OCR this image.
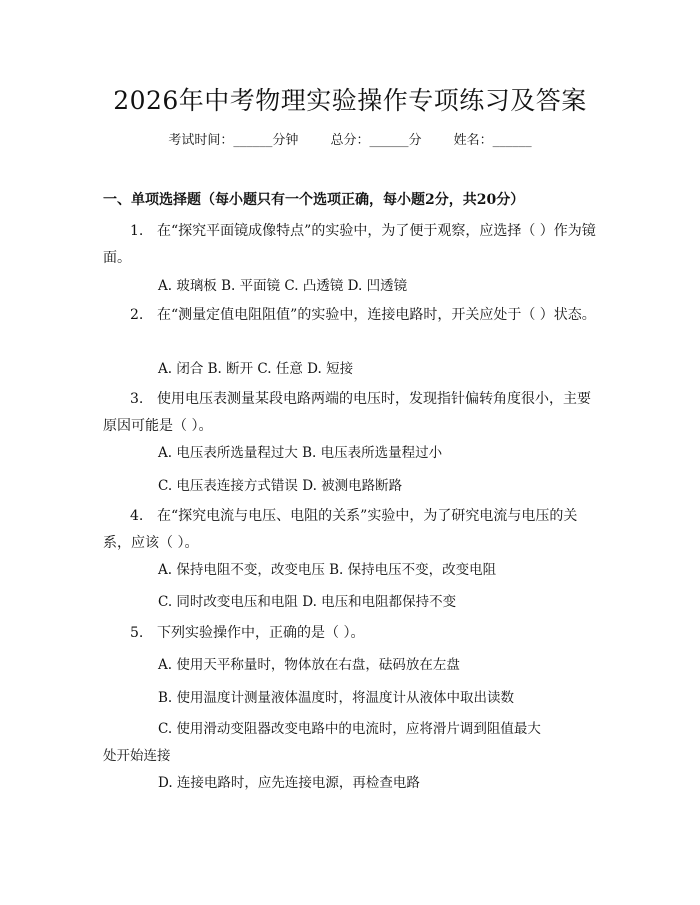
2026年中考物理实验操作专项练习及答案
考试时间：______分钟 总分：______分 姓名：______
一、单项选择题（每小题只有一个选项正确，每小题2分，共20分）
1. 在“探究平面镜成像特点”的实验中，为了便于观察，应选择（ ）作为镜面。
A. 玻璃板 B. 平面镜 C. 凸透镜 D. 凹透镜
2. 在“测量定值电阻阻值”的实验中，连接电路时，开关应处于（ ）状态。
A. 闭合 B. 断开 C. 任意 D. 短接
3. 使用电压表测量某段电路两端的电压时，发现指针偏转角度很小，主要原因可能是（ ）。
A. 电压表所选量程过大 B. 电压表所选量程过小
C. 电压表连接方式错误 D. 被测电路断路
4. 在“探究电流与电压、电阻的关系”实验中，为了研究电流与电压的关系，应该（ ）。
A. 保持电阻不变，改变电压 B. 保持电压不变，改变电阻
C. 同时改变电压和电阻 D. 电压和电阻都保持不变
5. 下列实验操作中，正确的是（ ）。
A. 使用天平称量时，物体放在右盘，砝码放在左盘
B. 使用温度计测量液体温度时，将温度计从液体中取出读数
C. 使用滑动变阻器改变电路中的电流时，应将滑片调到阻值最大处开始连接
D. 连接电路时，应先连接电源，再检查电路
